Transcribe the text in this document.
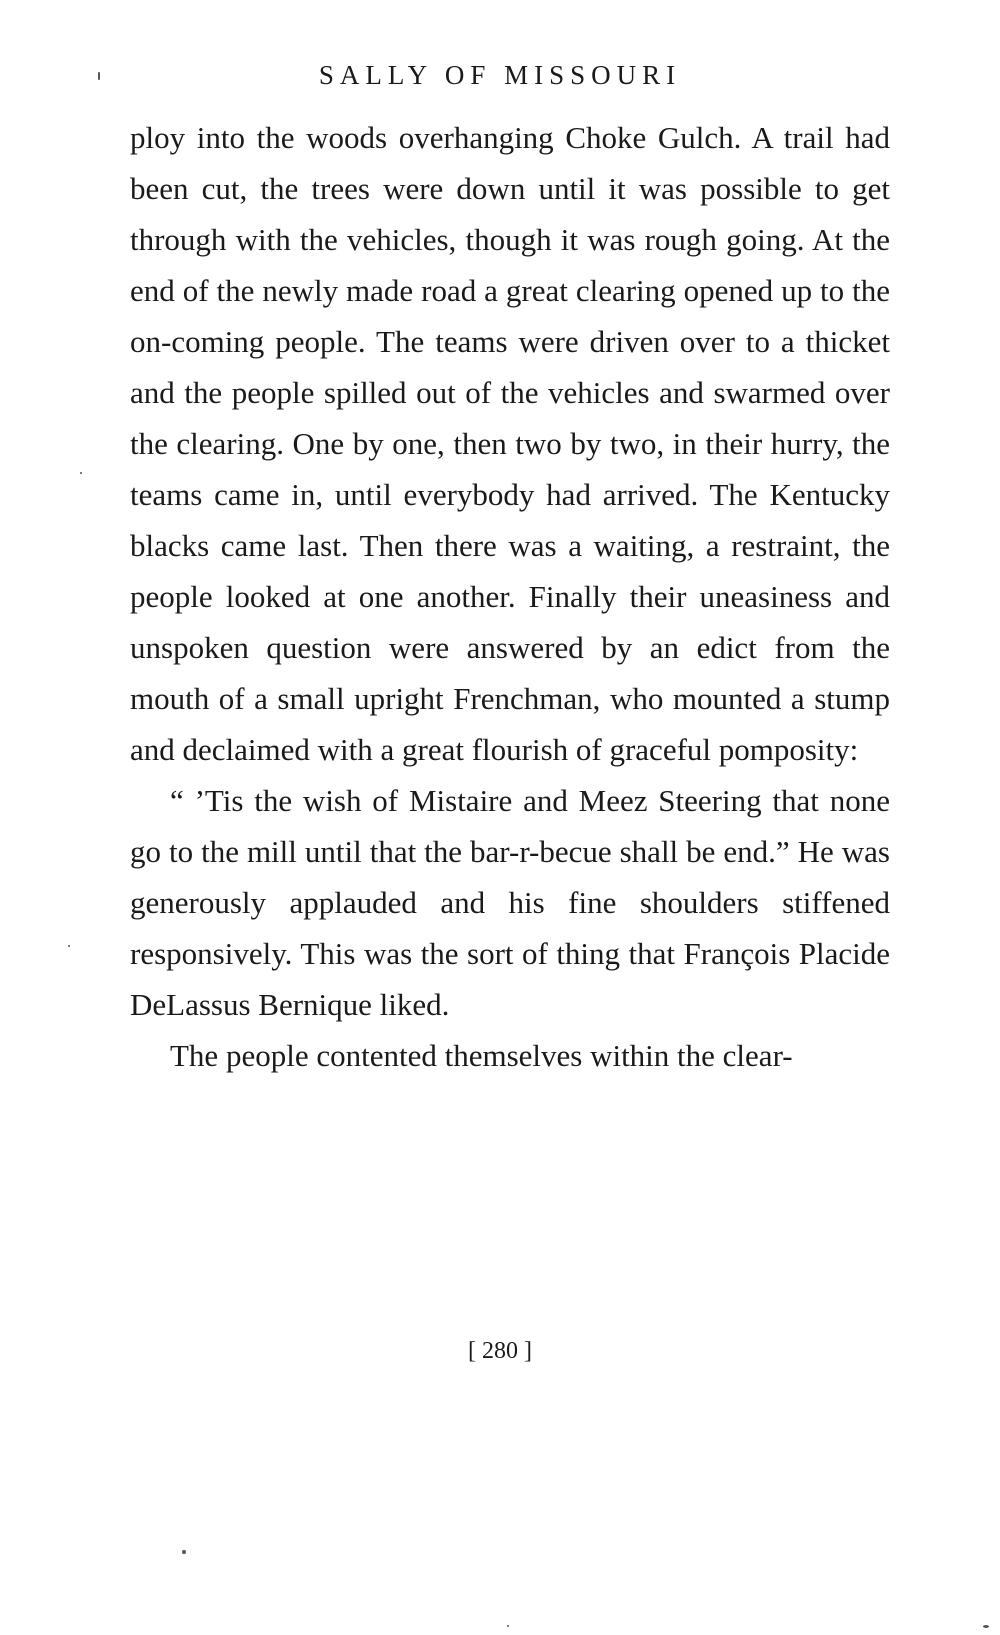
SALLY OF MISSOURI

ploy into the woods overhanging Choke Gulch. A trail had been cut, the trees were down until it was possible to get through with the vehicles, though it was rough going. At the end of the newly made road a great clearing opened up to the on-coming people. The teams were driven over to a thicket and the people spilled out of the vehicles and swarmed over the clearing. One by one, then two by two, in their hurry, the teams came in, until everybody had arrived. The Kentucky blacks came last. Then there was a waiting, a restraint, the people looked at one another. Finally their uneasiness and unspoken question were answered by an edict from the mouth of a small upright Frenchman, who mounted a stump and declaimed with a great flourish of graceful pomposity:

“ ’Tis the wish of Mistaire and Meez Steering that none go to the mill until that the bar-r-becue shall be end.” He was generously applauded and his fine shoulders stiffened responsively. This was the sort of thing that François Placide DeLassus Bernique liked.

The people contented themselves within the clear-

[ 280 ]
